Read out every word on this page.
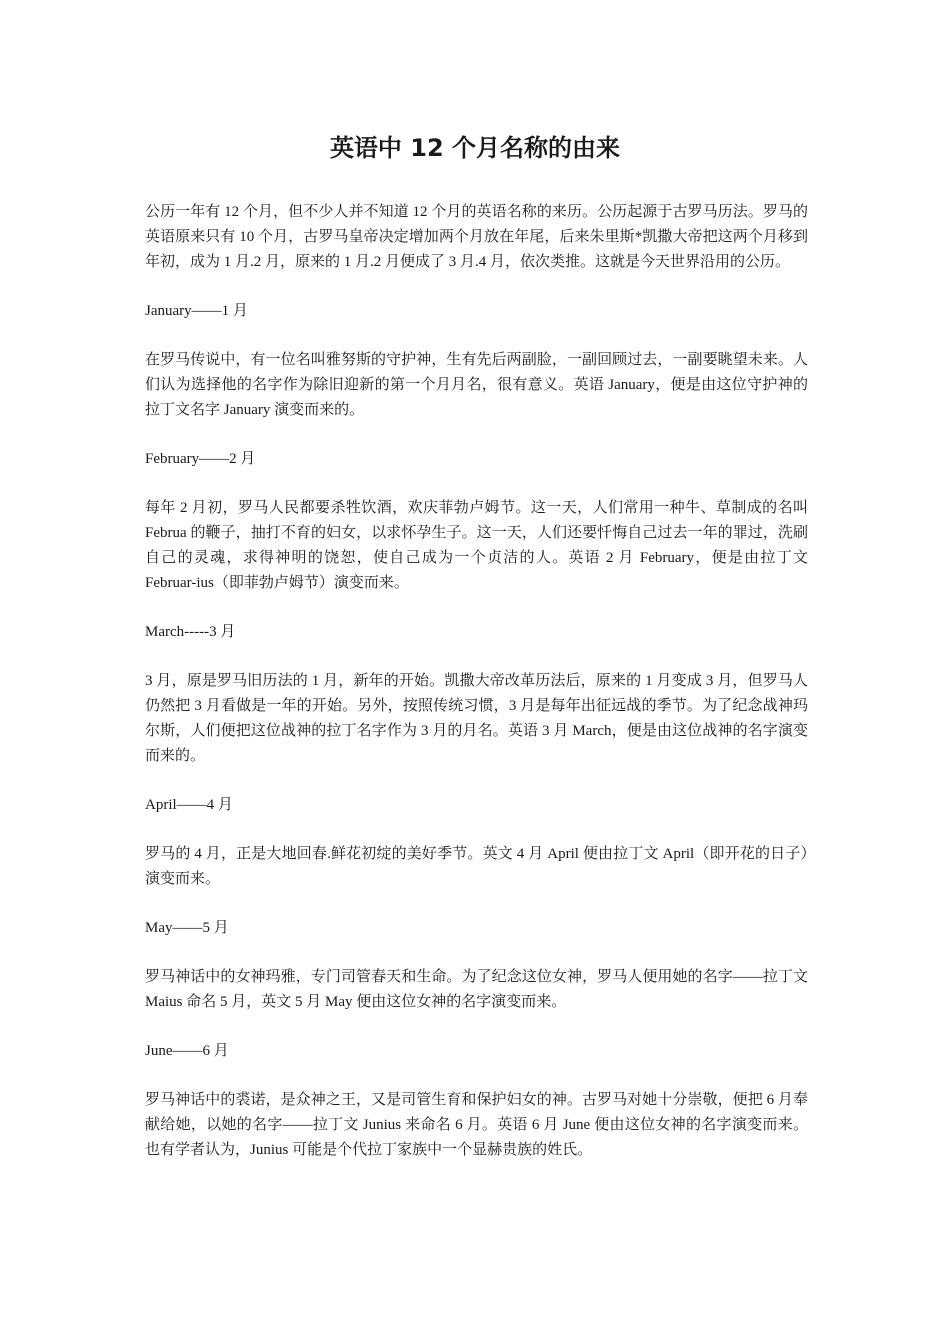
英语中 12 个月名称的由来

公历一年有 12 个月，但不少人并不知道 12 个月的英语名称的来历。公历起源于古罗马历法。罗马的英语原来只有 10 个月，古罗马皇帝决定增加两个月放在年尾，后来朱里斯*凯撒大帝把这两个月移到年初，成为 1 月.2 月，原来的 1 月.2 月便成了 3 月.4 月，依次类推。这就是今天世界沿用的公历。

January——1 月

在罗马传说中，有一位名叫雅努斯的守护神，生有先后两副脸，一副回顾过去，一副要眺望未来。人们认为选择他的名字作为除旧迎新的第一个月月名，很有意义。英语 January，便是由这位守护神的拉丁文名字 January 演变而来的。

February——2 月

每年 2 月初，罗马人民都要杀牲饮酒，欢庆菲勃卢姆节。这一天，人们常用一种牛、草制成的名叫 Februa 的鞭子，抽打不育的妇女，以求怀孕生子。这一天，人们还要忏悔自己过去一年的罪过，洗刷自己的灵魂，求得神明的饶恕，使自己成为一个贞洁的人。英语 2 月 February，便是由拉丁文 Februar-ius（即菲勃卢姆节）演变而来。

March-----3 月

3 月，原是罗马旧历法的 1 月，新年的开始。凯撒大帝改革历法后，原来的 1 月变成 3 月，但罗马人仍然把 3 月看做是一年的开始。另外，按照传统习惯，3 月是每年出征远战的季节。为了纪念战神玛尔斯，人们便把这位战神的拉丁名字作为 3 月的月名。英语 3 月 March，便是由这位战神的名字演变而来的。

April——4 月

罗马的 4 月，正是大地回春.鲜花初绽的美好季节。英文 4 月 April 便由拉丁文 April（即开花的日子）演变而来。

May——5 月

罗马神话中的女神玛雅，专门司管春天和生命。为了纪念这位女神，罗马人便用她的名字——拉丁文 Maius 命名 5 月，英文 5 月 May 便由这位女神的名字演变而来。

June——6 月

罗马神话中的裘诺，是众神之王，又是司管生育和保护妇女的神。古罗马对她十分崇敬，便把 6 月奉献给她，以她的名字——拉丁文 Junius 来命名 6 月。英语 6 月 June 便由这位女神的名字演变而来。也有学者认为，Junius 可能是个代拉丁家族中一个显赫贵族的姓氏。
